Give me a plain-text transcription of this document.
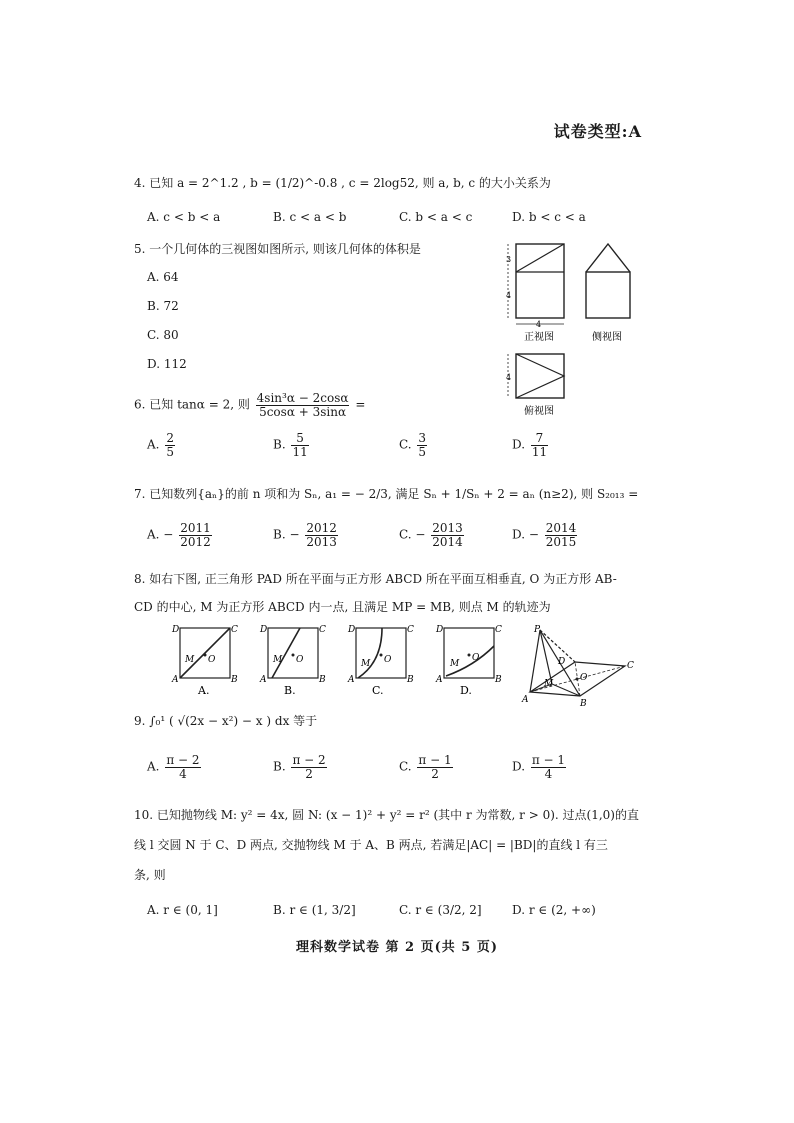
试卷类型:A
4. 已知 a = 2^1.2 , b = (1/2)^-0.8 , c = 2log52, 则 a, b, c 的大小关系为
A. c < b < a	B. c < a < b	C. b < a < c	D. b < c < a
5. 一个几何体的三视图如图所示, 则该几何体的体积是
A. 64
B. 72
C. 80
D. 112
3
4
4
正视图	侧视图
4
俯视图
6. 已知 tanα = 2, 则 $\frac{\text{4sin³α − 2cosα}}{5\cos\alpha + 3\sin\alpha}$ =
A. $\frac{2}{5}$	B. $\frac{5}{11}$	C. $\frac{3}{5}$	D. $\frac{7}{11}$
7. 已知数列{aₙ}的前 n 项和为 Sₙ, a₁ = − 2/3, 满足 Sₙ + 1/Sₙ + 2 = aₙ (n≥2), 则 S₂₀₁₃ =
A. − $\frac{2011}{2012}$	B. − $\frac{2012}{2013}$	C. − $\frac{2013}{2014}$	D. − $\frac{2014}{2015}$
8. 如右下图, 正三角形 PAD 所在平面与正方形 ABCD 所在平面互相垂直, O 为正方形 AB-
CD 的中心, M 为正方形 ABCD 内一点, 且满足 MP = MB, 则点 M 的轨迹为
D	C
A	B
M O
A.
D	C
A	B
M O
B.
D	C
A	B
M O
C.
D	C
A	B
M
O
D.
P
A	B
C
D
M
O
9. ∫₀¹ ( √(2x − x²) − x ) dx 等于
A. $\frac{\pi - 2}{4}$	B. $\frac{\pi - 2}{2}$	C. $\frac{\pi - 1}{2}$	D. $\frac{\pi - 1}{4}$
10. 已知抛物线 M: y² = 4x, 圆 N: (x − 1)² + y² = r² (其中 r 为常数, r > 0). 过点(1,0)的直
线 l 交圆 N 于 C、D 两点, 交抛物线 M 于 A、B 两点, 若满足|AC| = |BD|的直线 l 有三
条, 则
A. r ∈ (0, 1]	B. r ∈ (1, 3/2]	C. r ∈ (3/2, 2]	D. r ∈ (2, +∞)
理科数学试卷 第 2 页(共 5 页)
